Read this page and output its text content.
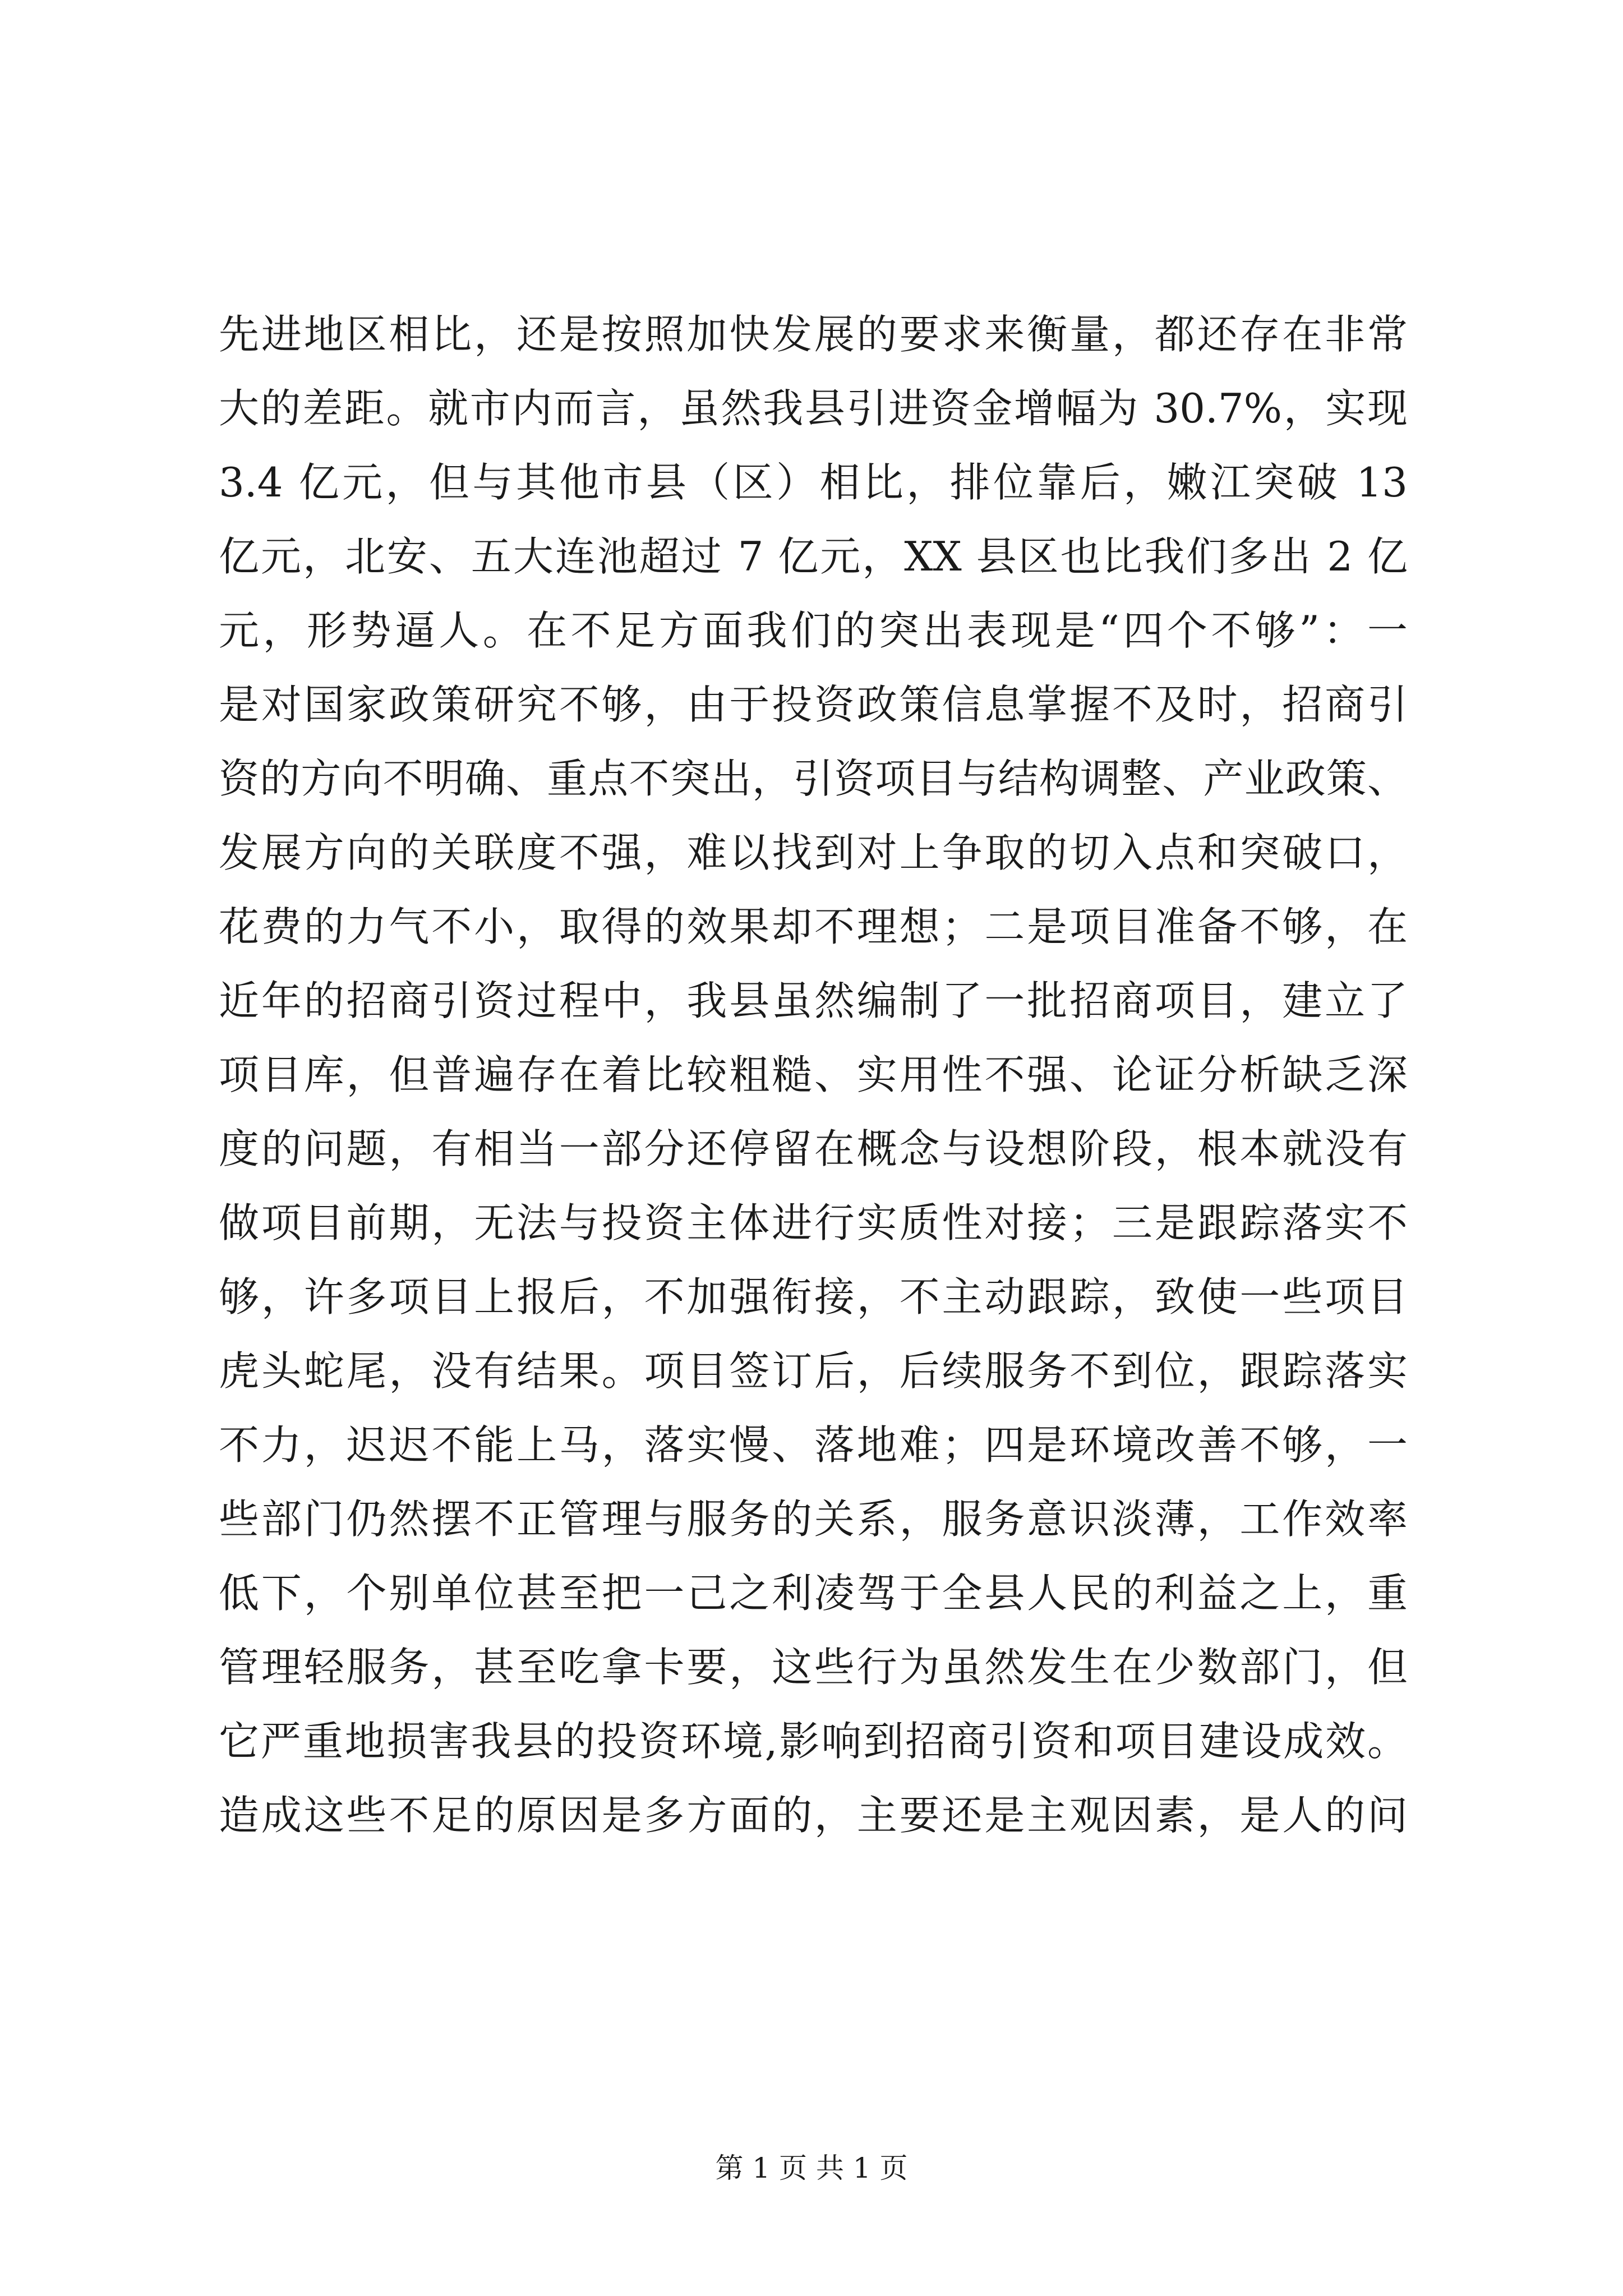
先进地区相比，还是按照加快发展的要求来衡量，都还存在非常
大的差距。就市内而言，虽然我县引进资金增幅为 30.7%，实现
3.4 亿元，但与其他市县（区）相比，排位靠后，嫩江突破 13
亿元，北安、五大连池超过 7 亿元，XX 县区也比我们多出 2 亿
元，形势逼人。在不足方面我们的突出表现是“四个不够”：一
是对国家政策研究不够，由于投资政策信息掌握不及时，招商引
资的方向不明确、重点不突出，引资项目与结构调整、产业政策、
发展方向的关联度不强，难以找到对上争取的切入点和突破口，
花费的力气不小，取得的效果却不理想；二是项目准备不够，在
近年的招商引资过程中，我县虽然编制了一批招商项目，建立了
项目库，但普遍存在着比较粗糙、实用性不强、论证分析缺乏深
度的问题，有相当一部分还停留在概念与设想阶段，根本就没有
做项目前期，无法与投资主体进行实质性对接；三是跟踪落实不
够，许多项目上报后，不加强衔接，不主动跟踪，致使一些项目
虎头蛇尾，没有结果。项目签订后，后续服务不到位，跟踪落实
不力，迟迟不能上马，落实慢、落地难；四是环境改善不够，一
些部门仍然摆不正管理与服务的关系，服务意识淡薄，工作效率
低下，个别单位甚至把一己之利凌驾于全县人民的利益之上，重
管理轻服务，甚至吃拿卡要，这些行为虽然发生在少数部门，但
它严重地损害我县的投资环境,影响到招商引资和项目建设成效。
造成这些不足的原因是多方面的，主要还是主观因素，是人的问
第 1 页 共 1 页
